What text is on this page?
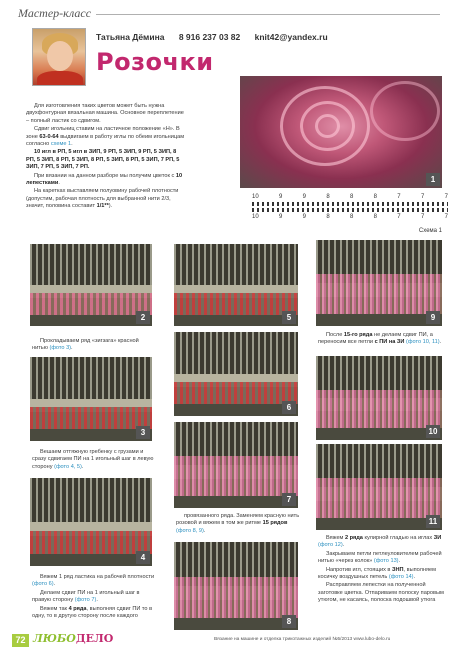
Мастер-класс
Татьяна Дёмина 8 916 237 03 82 knit42@yandex.ru
Розочки
1

Для изготовления таких цветов может быть нужна двухфонтурная вязальная машина. Основное переплетение – полный ластик со сдвигом.

Сдвиг игольниц ставим на ластичное положение «Н». В зоне 63-0-64 выдвигаем в работу иглы по обеим игольницам согласно схеме 1.

10 игл в РП, 5 игл в ЗИП, 9 РП, 5 ЗИП, 9 РП, 5 ЗИП, 8 РП, 5 ЗИП, 8 РП, 5 ЗИП, 8 РП, 5 ЗИП, 8 РП, 5 ЗИП, 7 РП, 5 ЗИП, 7 РП, 5 ЗИП, 7 РП.

При вязании на данном разборе мы получим цветок с 10 лепестками.

На каретках выставляем полуовину рабочей плотности (допустим, рабочая плотность для выбранной нити 2/3, значит, половина составит 1/1**).

10	9	9	8	8	8	7	7	7
10	9	9	8	8	8	7	7	7
Схема 1
2

Прокладываем ряд «зигзага» красной нитью (фото 3).

3

Вешаем оттяжную гребенку с грузами и сразу сдвигаем ПИ на 1 игольный шаг в левую сторону (фото 4, 5).

4

Вяжем 1 ряд ластика на рабочей плотности (фото 6).

Делаем сдвиг ПИ на 1 игольный шаг в правую сторону (фото 7).

Вяжем так 4 ряда, выполняя сдвиг ПИ то в одну, то в другую сторону после каждого

5
6
7

провязанного ряда. Заменяем красную нить розовой и вяжем в том же ритме 15 рядов (фото 8, 9).

8
9

После 15-го ряда не делаем сдвиг ПИ, а переносим все петли с ПИ на ЗИ (фото 10, 11).

10
11

Вяжем 2 ряда кулирной гладью на иглах ЗИ (фото 12).

Закрываем петли петлеуловителем рабочей нитью «через колок» (фото 13).

Напротив игл, стоящих в ЗНП, выполняем косичку воздушных петель (фото 14).

Расправляем лепестки на полученной заготовке цветка. Отпариваем полоску паровым утюгом, не касаясь, полоска подошвой утюга

72 ЛЮБОДЕЛО	Вязание на машине и отделка трикотажных изделий №5/2013 www.lubo-delo.ru
